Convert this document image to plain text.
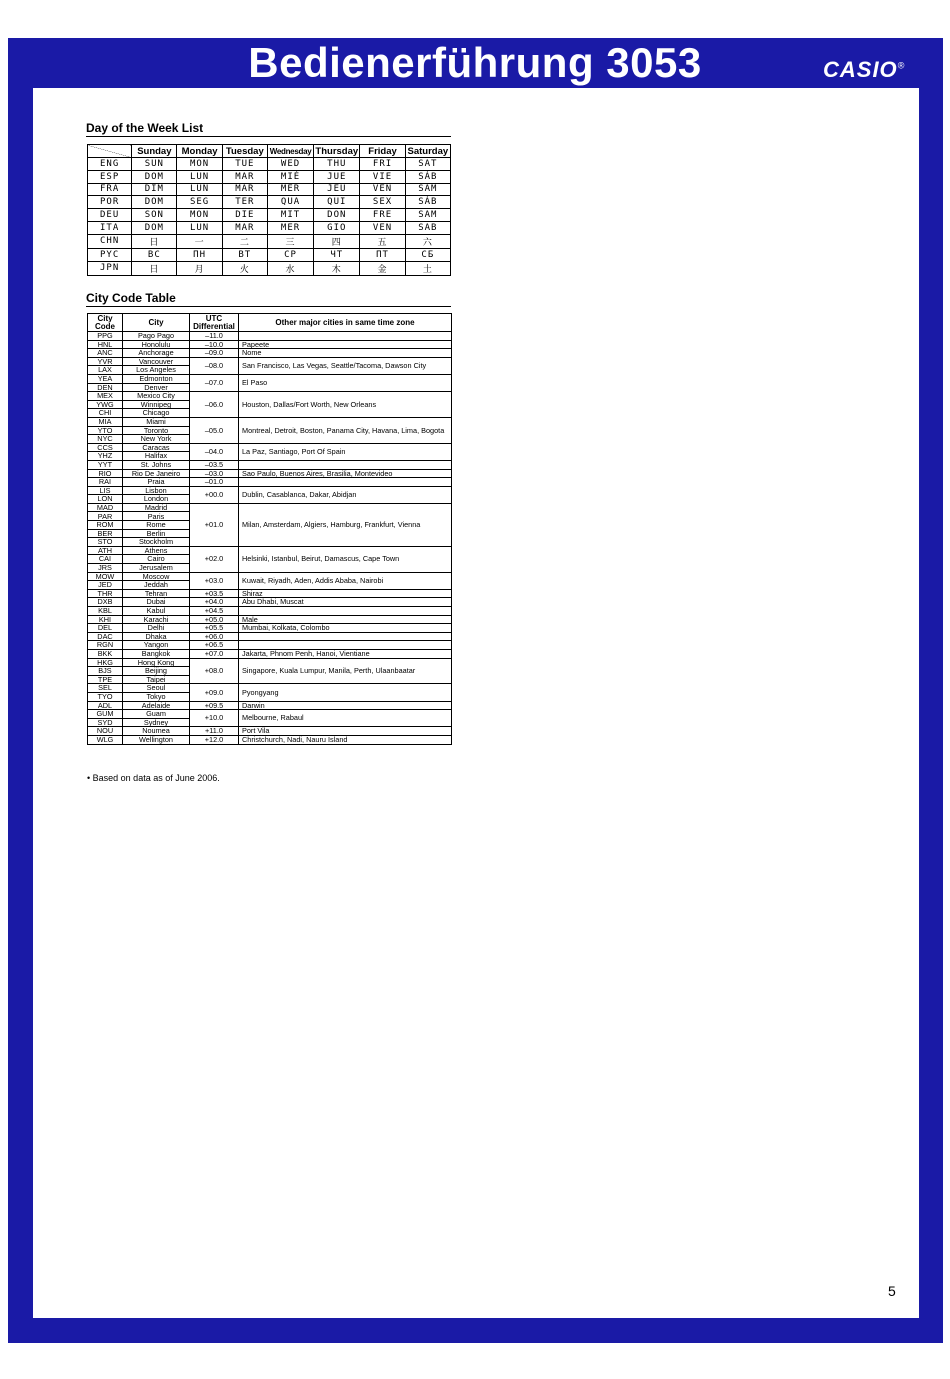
Bedienerführung 3053	CASIO®
Day of the Week List
	Sunday	Monday	Tuesday	Wednesday	Thursday	Friday	Saturday
ENG	SUN	MON	TUE	WED	THU	FRI	SAT
ESP	DOM	LUN	MAR	MIÉ	JUE	VIE	SÁB
FRA	DIM	LUN	MAR	MER	JEU	VEN	SAM
POR	DOM	SEG	TER	QUA	QUI	SEX	SÁB
DEU	SON	MON	DIE	MIT	DON	FRE	SAM
ITA	DOM	LUN	MAR	MER	GIO	VEN	SAB
CHN	日	一	二	三	四	五	六
PYC	BC	ПН	BT	CP	ЧТ	ПТ	CБ
JPN	日	月	火	水	木	金	土
City Code Table
City Code	City	UTC Differential	Other major cities in same time zone
PPG	Pago Pago	–11.0	
HNL	Honolulu	–10.0	Papeete
ANC	Anchorage	–09.0	Nome
YVR	Vancouver	–08.0	San Francisco, Las Vegas, Seattle/Tacoma, Dawson City
LAX	Los Angeles		
YEA	Edmonton	–07.0	El Paso
DEN	Denver		
MEX	Mexico City	–06.0	Houston, Dallas/Fort Worth, New Orleans
YWG	Winnipeg		
CHI	Chicago		
MIA	Miami	–05.0	Montreal, Detroit, Boston, Panama City, Havana, Lima, Bogota
YTO	Toronto		
NYC	New York		
CCS	Caracas	–04.0	La Paz, Santiago, Port Of Spain
YHZ	Halifax		
YYT	St. Johns	–03.5	
RIO	Rio De Janeiro	–03.0	Sao Paulo, Buenos Aires, Brasilia, Montevideo
RAI	Praia	–01.0	
LIS	Lisbon	+00.0	Dublin, Casablanca, Dakar, Abidjan
LON	London		
MAD	Madrid	+01.0	Milan, Amsterdam, Algiers, Hamburg, Frankfurt, Vienna
PAR	Paris		
ROM	Rome		
BER	Berlin		
STO	Stockholm		
ATH	Athens	+02.0	Helsinki, Istanbul, Beirut, Damascus, Cape Town
CAI	Cairo		
JRS	Jerusalem		
MOW	Moscow	+03.0	Kuwait, Riyadh, Aden, Addis Ababa, Nairobi
JED	Jeddah		
THR	Tehran	+03.5	Shiraz
DXB	Dubai	+04.0	Abu Dhabi, Muscat
KBL	Kabul	+04.5	
KHI	Karachi	+05.0	Male
DEL	Delhi	+05.5	Mumbai, Kolkata, Colombo
DAC	Dhaka	+06.0	
RGN	Yangon	+06.5	
BKK	Bangkok	+07.0	Jakarta, Phnom Penh, Hanoi, Vientiane
HKG	Hong Kong	+08.0	Singapore, Kuala Lumpur, Manila, Perth, Ulaanbaatar
BJS	Beijing		
TPE	Taipei		
SEL	Seoul	+09.0	Pyongyang
TYO	Tokyo		
ADL	Adelaide	+09.5	Darwin
GUM	Guam	+10.0	Melbourne, Rabaul
SYD	Sydney		
NOU	Noumea	+11.0	Port Vila
WLG	Wellington	+12.0	Christchurch, Nadi, Nauru Island
• Based on data as of June 2006.
5
